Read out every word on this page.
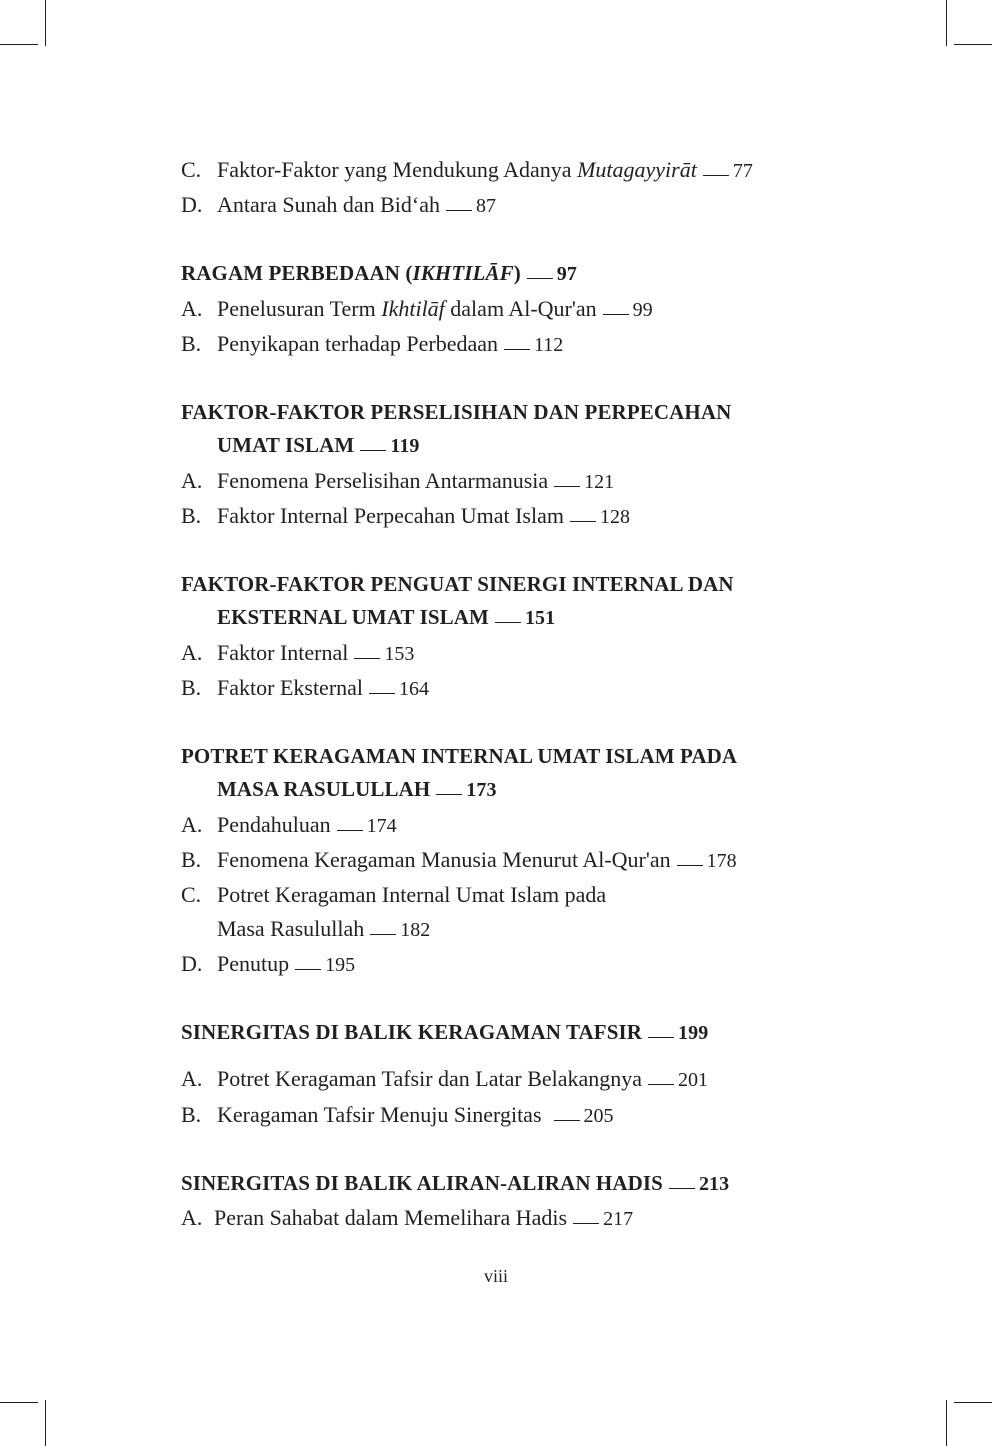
C. Faktor-Faktor yang Mendukung Adanya Mutagayyirāt 77
D. Antara Sunah dan Bid‘ah 87
RAGAM PERBEDAAN (IKHTILĀF) 97
A. Penelusuran Term Ikhtilāf dalam Al-Qur'an 99
B. Penyikapan terhadap Perbedaan 112
FAKTOR-FAKTOR PERSELISIHAN DAN PERPECAHAN
UMAT ISLAM 119
A. Fenomena Perselisihan Antarmanusia 121
B. Faktor Internal Perpecahan Umat Islam 128
FAKTOR-FAKTOR PENGUAT SINERGI INTERNAL DAN
EKSTERNAL UMAT ISLAM 151
A. Faktor Internal 153
B. Faktor Eksternal 164
POTRET KERAGAMAN INTERNAL UMAT ISLAM PADA
MASA RASULULLAH 173
A. Pendahuluan 174
B. Fenomena Keragaman Manusia Menurut Al-Qur'an 178
C. Potret Keragaman Internal Umat Islam pada
Masa Rasulullah 182
D. Penutup 195
SINERGITAS DI BALIK KERAGAMAN TAFSIR 199
A. Potret Keragaman Tafsir dan Latar Belakangnya 201
B. Keragaman Tafsir Menuju Sinergitas 205
SINERGITAS DI BALIK ALIRAN-ALIRAN HADIS 213
A. Peran Sahabat dalam Memelihara Hadis 217
viii
